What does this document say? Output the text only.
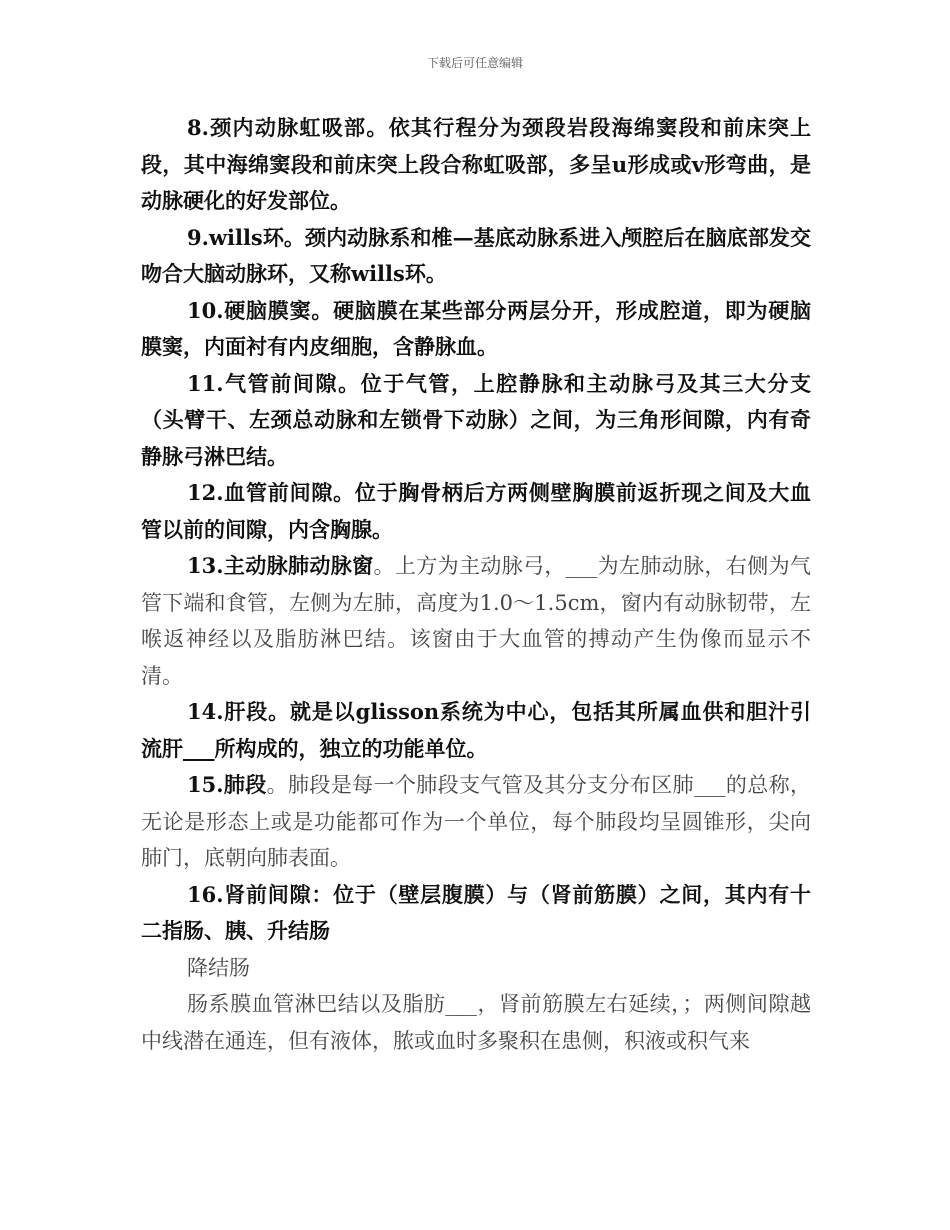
下载后可任意编辑

8.颈内动脉虹吸部。依其行程分为颈段岩段海绵窦段和前床突上段，其中海绵窦段和前床突上段合称虹吸部，多呈u形成或v形弯曲，是动脉硬化的好发部位。

9.wills环。颈内动脉系和椎—基底动脉系进入颅腔后在脑底部发交吻合大脑动脉环，又称wills环。

10.硬脑膜窦。硬脑膜在某些部分两层分开，形成腔道，即为硬脑膜窦，内面衬有内皮细胞，含静脉血。

11.气管前间隙。位于气管，上腔静脉和主动脉弓及其三大分支（头臂干、左颈总动脉和左锁骨下动脉）之间，为三角形间隙，内有奇静脉弓淋巴结。

12.血管前间隙。位于胸骨柄后方两侧壁胸膜前返折现之间及大血管以前的间隙，内含胸腺。

13.主动脉肺动脉窗。上方为主动脉弓，___为左肺动脉，右侧为气管下端和食管，左侧为左肺，高度为1.0～1.5cm，窗内有动脉韧带，左喉返神经以及脂肪淋巴结。该窗由于大血管的搏动产生伪像而显示不清。

14.肝段。就是以glisson系统为中心，包括其所属血供和胆汁引流肝___所构成的，独立的功能单位。

15.肺段。肺段是每一个肺段支气管及其分支分布区肺___的总称，无论是形态上或是功能都可作为一个单位，每个肺段均呈圆锥形，尖向肺门，底朝向肺表面。

16.肾前间隙：位于（壁层腹膜）与（肾前筋膜）之间，其内有十二指肠、胰、升结肠

降结肠

肠系膜血管淋巴结以及脂肪___，肾前筋膜左右延续，；两侧间隙越中线潜在通连，但有液体，脓或血时多聚积在患侧，积液或积气来
